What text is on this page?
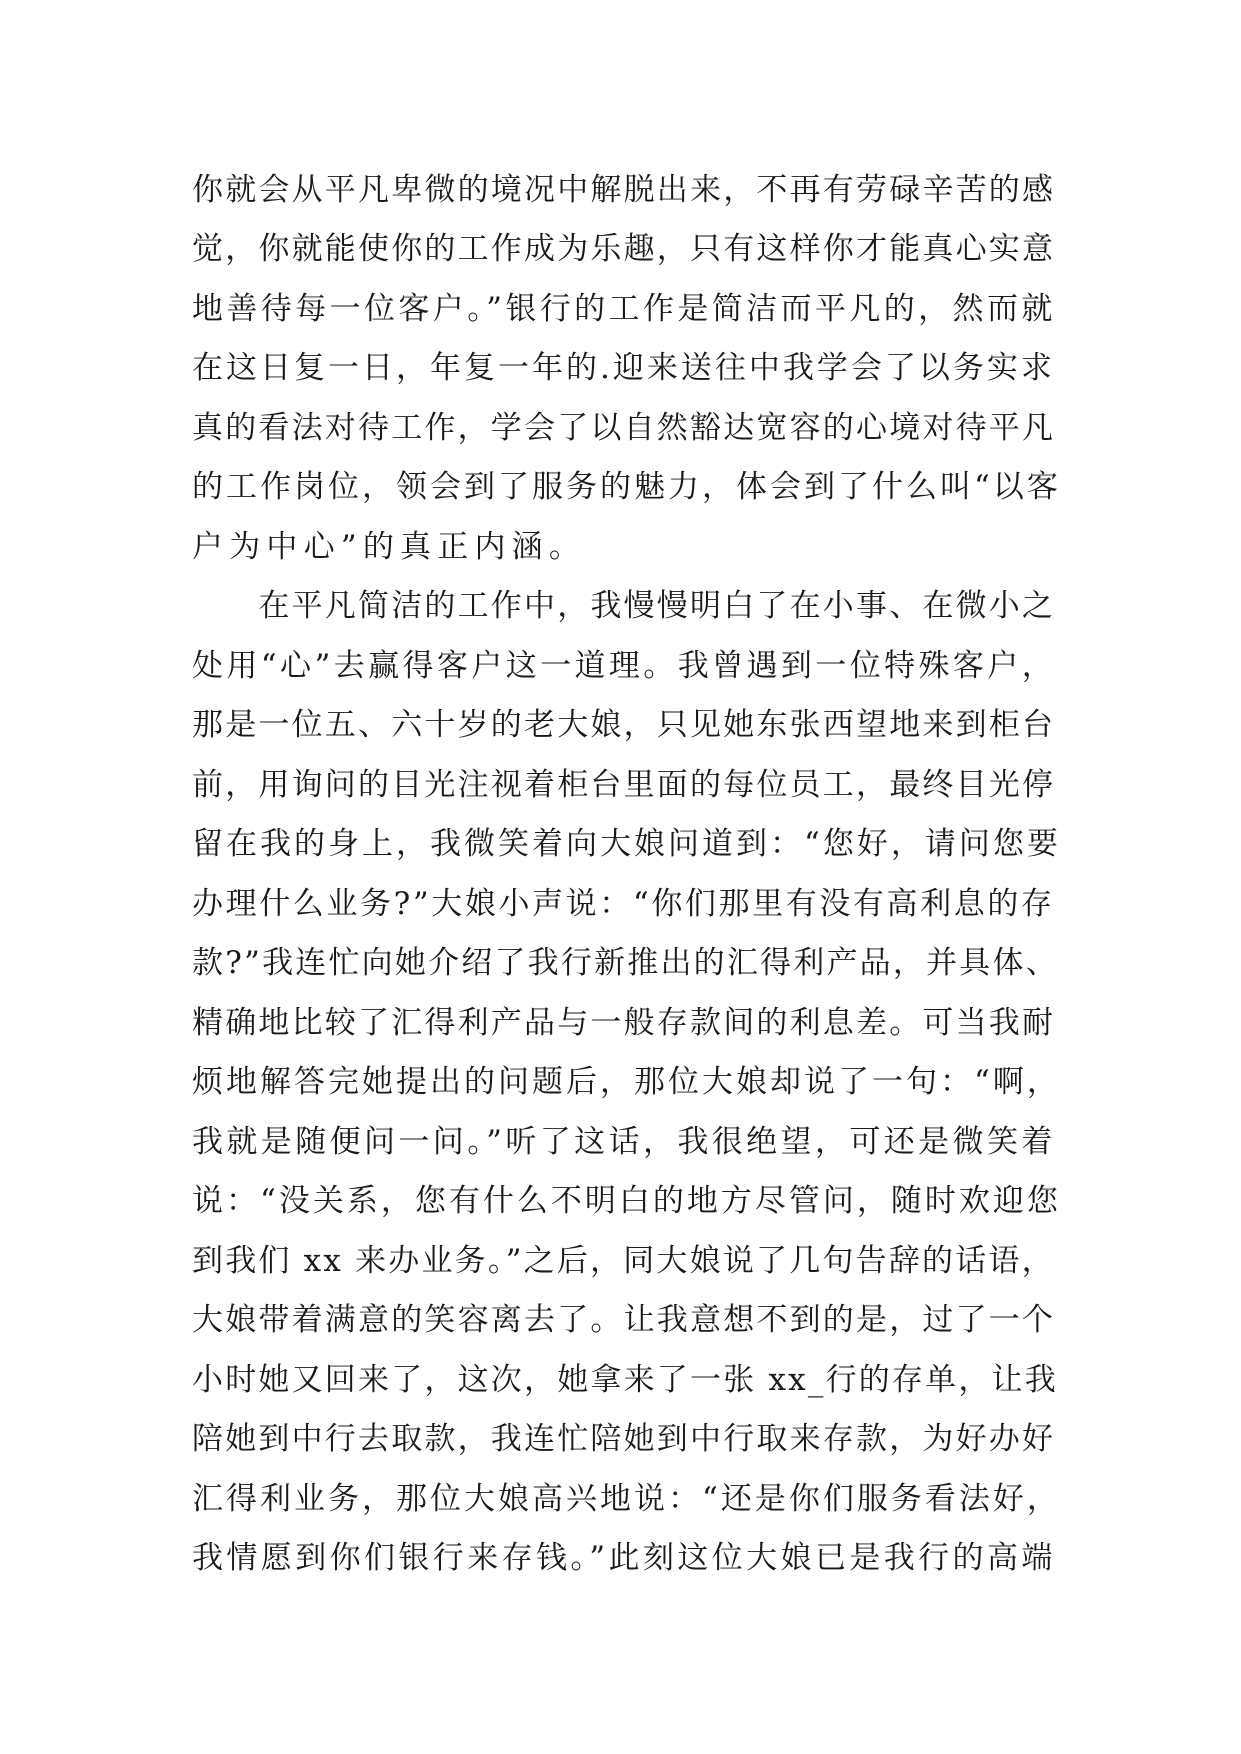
你就会从平凡卑微的境况中解脱出来，不再有劳碌辛苦的感
觉，你就能使你的工作成为乐趣，只有这样你才能真心实意
地善待每一位客户。”银行的工作是简洁而平凡的，然而就
在这日复一日，年复一年的.迎来送往中我学会了以务实求
真的看法对待工作，学会了以自然豁达宽容的心境对待平凡
的工作岗位，领会到了服务的魅力，体会到了什么叫“以客
户为中心”的真正内涵。
　　在平凡简洁的工作中，我慢慢明白了在小事、在微小之
处用“心”去赢得客户这一道理。我曾遇到一位特殊客户，
那是一位五、六十岁的老大娘，只见她东张西望地来到柜台
前，用询问的目光注视着柜台里面的每位员工，最终目光停
留在我的身上，我微笑着向大娘问道到：“您好，请问您要
办理什么业务?”大娘小声说：“你们那里有没有高利息的存
款?”我连忙向她介绍了我行新推出的汇得利产品，并具体、
精确地比较了汇得利产品与一般存款间的利息差。可当我耐
烦地解答完她提出的问题后，那位大娘却说了一句：“啊，
我就是随便问一问。”听了这话，我很绝望，可还是微笑着
说：“没关系，您有什么不明白的地方尽管问，随时欢迎您
到我们 xx 来办业务。”之后，同大娘说了几句告辞的话语，
大娘带着满意的笑容离去了。让我意想不到的是，过了一个
小时她又回来了，这次，她拿来了一张 xx_行的存单，让我
陪她到中行去取款，我连忙陪她到中行取来存款，为好办好
汇得利业务，那位大娘高兴地说：“还是你们服务看法好，
我情愿到你们银行来存钱。”此刻这位大娘已是我行的高端
